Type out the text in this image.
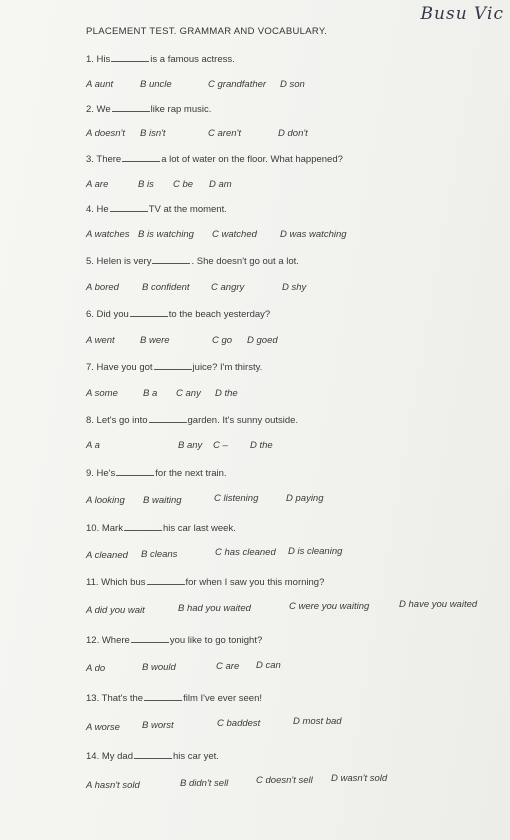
Busu Vic
PLACEMENT TEST. GRAMMAR AND VOCABULARY.
1. His	is a famous actress.
A aunt	B uncle	C grandfather D son
2. We	like rap music.
A doesn't B isn't	C aren't	D don't
3. There	a lot of water on the floor. What happened?
A are	B is C be D am
4. He	TV at the moment.
A watches B is watching C watched D was watching
5. Helen is very	. She doesn't go out a lot.
A bored B confident C angry	D shy
6. Did you	to the beach yesterday?
A went	B were	C go D goed
7. Have you got	juice? I'm thirsty.
A some	B a C any D the
8. Let's go into	garden. It's sunny outside.
A a	B any C – D the
9. He's	for the next train.
A looking B waiting	C listening	D paying
10. Mark	his car last week.
A cleaned B cleans	C has cleaned D is cleaning
11. Which bus	for when I saw you this morning?
A did you wait	B had you waited	C were you waiting	D have you waited
12. Where	you like to go tonight?
A do	B would	C are D can
13. That's the	film I've ever seen!
A worse B worst	C baddest	D most bad
14. My dad	his car yet.
A hasn't sold	B didn't sell	C doesn't sell D wasn't sold
